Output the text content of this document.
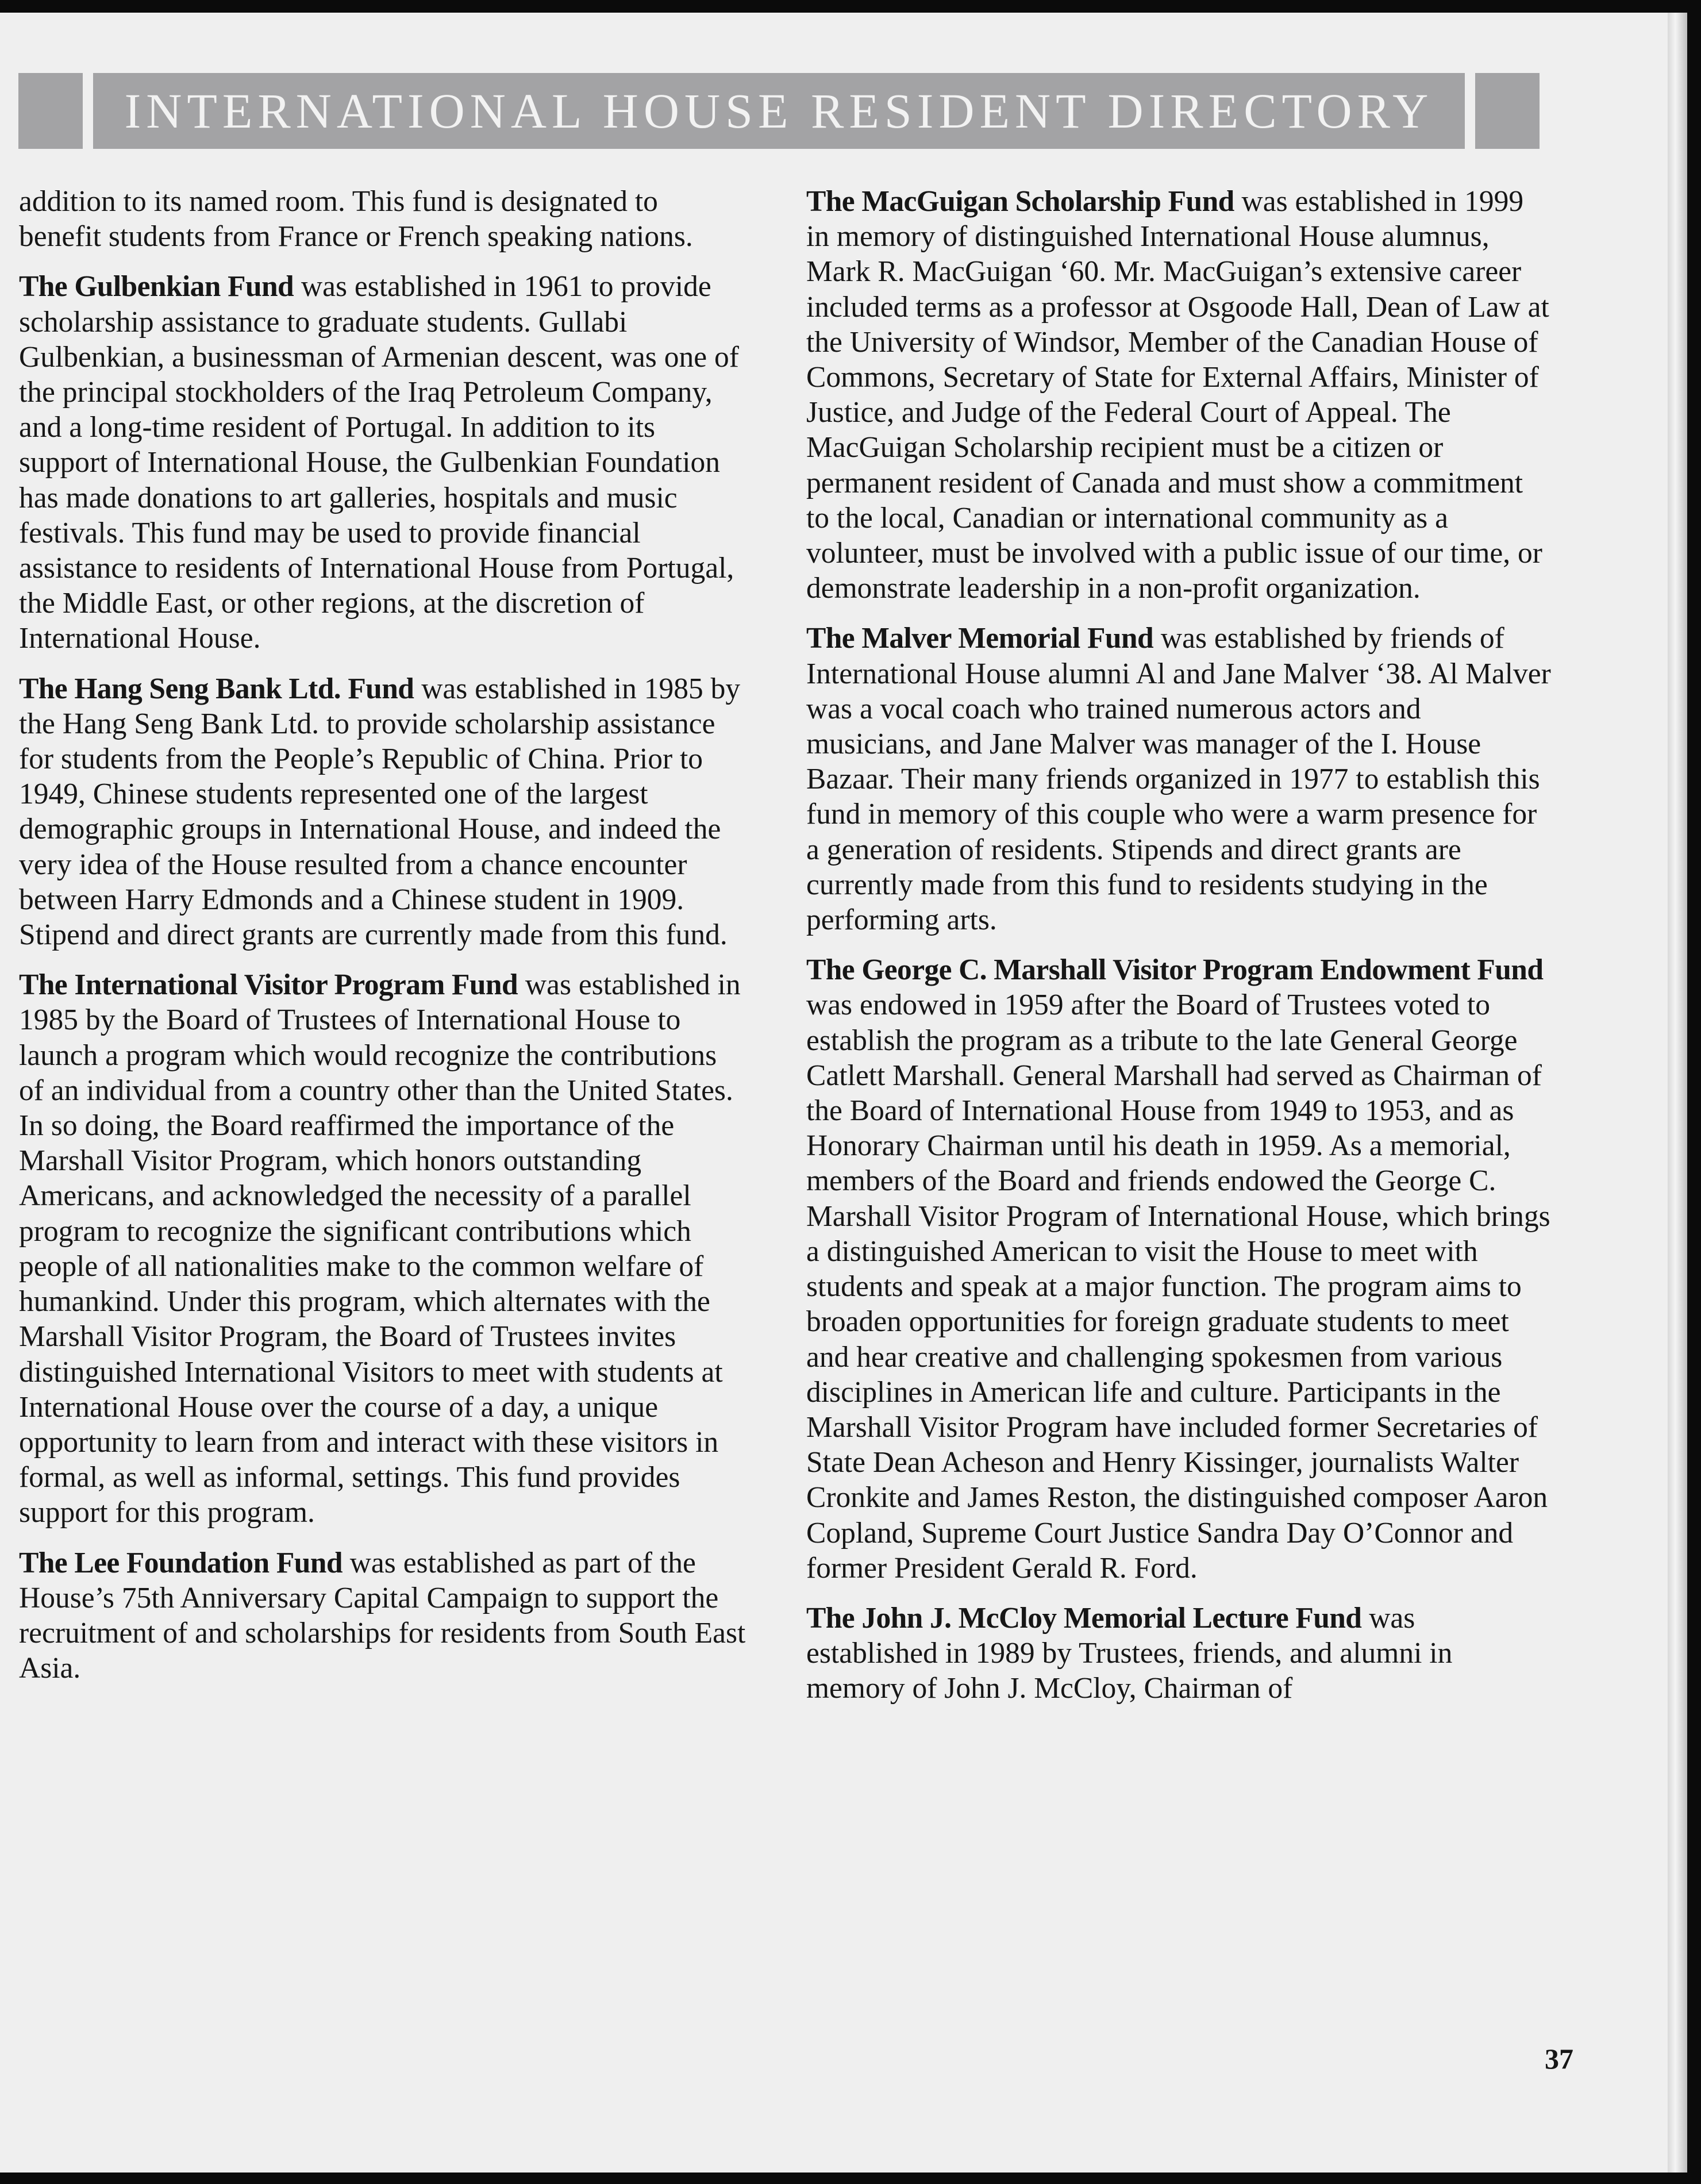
INTERNATIONAL HOUSE RESIDENT DIRECTORY

addition to its named room. This fund is designated to benefit students from France or French speaking nations.

The Gulbenkian Fund was established in 1961 to provide scholarship assistance to graduate students. Gullabi Gulbenkian, a businessman of Armenian descent, was one of the principal stockholders of the Iraq Petroleum Company, and a long-time resident of Portugal. In addition to its support of International House, the Gulbenkian Foundation has made donations to art galleries, hospitals and music festivals. This fund may be used to provide financial assistance to residents of International House from Portugal, the Middle East, or other regions, at the discretion of International House.

The Hang Seng Bank Ltd. Fund was established in 1985 by the Hang Seng Bank Ltd. to provide scholarship assistance for students from the People’s Republic of China. Prior to 1949, Chinese students represented one of the largest demographic groups in International House, and indeed the very idea of the House resulted from a chance encounter between Harry Edmonds and a Chinese student in 1909. Stipend and direct grants are currently made from this fund.

The International Visitor Program Fund was established in 1985 by the Board of Trustees of International House to launch a program which would recognize the contributions of an individual from a country other than the United States. In so doing, the Board reaffirmed the importance of the Marshall Visitor Program, which honors outstanding Americans, and acknowledged the necessity of a parallel program to recognize the significant contributions which people of all nationalities make to the common welfare of humankind. Under this program, which alternates with the Marshall Visitor Program, the Board of Trustees invites distinguished International Visitors to meet with students at International House over the course of a day, a unique opportunity to learn from and interact with these visitors in formal, as well as informal, settings. This fund provides support for this program.

The Lee Foundation Fund was established as part of the House’s 75th Anniversary Capital Campaign to support the recruitment of and scholarships for residents from South East Asia.

The MacGuigan Scholarship Fund was established in 1999 in memory of distinguished International House alumnus, Mark R. MacGuigan ‘60. Mr. MacGuigan’s extensive career included terms as a professor at Osgoode Hall, Dean of Law at the University of Windsor, Member of the Canadian House of Commons, Secretary of State for External Affairs, Minister of Justice, and Judge of the Federal Court of Appeal. The MacGuigan Scholarship recipient must be a citizen or permanent resident of Canada and must show a commitment to the local, Canadian or international community as a volunteer, must be involved with a public issue of our time, or demonstrate leadership in a non-profit organization.

The Malver Memorial Fund was established by friends of International House alumni Al and Jane Malver ‘38. Al Malver was a vocal coach who trained numerous actors and musicians, and Jane Malver was manager of the I. House Bazaar. Their many friends organized in 1977 to establish this fund in memory of this couple who were a warm presence for a generation of residents. Stipends and direct grants are currently made from this fund to residents studying in the performing arts.

The George C. Marshall Visitor Program Endowment Fund was endowed in 1959 after the Board of Trustees voted to establish the program as a tribute to the late General George Catlett Marshall. General Marshall had served as Chairman of the Board of International House from 1949 to 1953, and as Honorary Chairman until his death in 1959. As a memorial, members of the Board and friends endowed the George C. Marshall Visitor Program of International House, which brings a distinguished American to visit the House to meet with students and speak at a major function. The program aims to broaden opportunities for foreign graduate students to meet and hear creative and challenging spokesmen from various disciplines in American life and culture. Participants in the Marshall Visitor Program have included former Secretaries of State Dean Acheson and Henry Kissinger, journalists Walter Cronkite and James Reston, the distinguished composer Aaron Copland, Supreme Court Justice Sandra Day O’Connor and former President Gerald R. Ford.

The John J. McCloy Memorial Lecture Fund was established in 1989 by Trustees, friends, and alumni in memory of John J. McCloy, Chairman of

37
